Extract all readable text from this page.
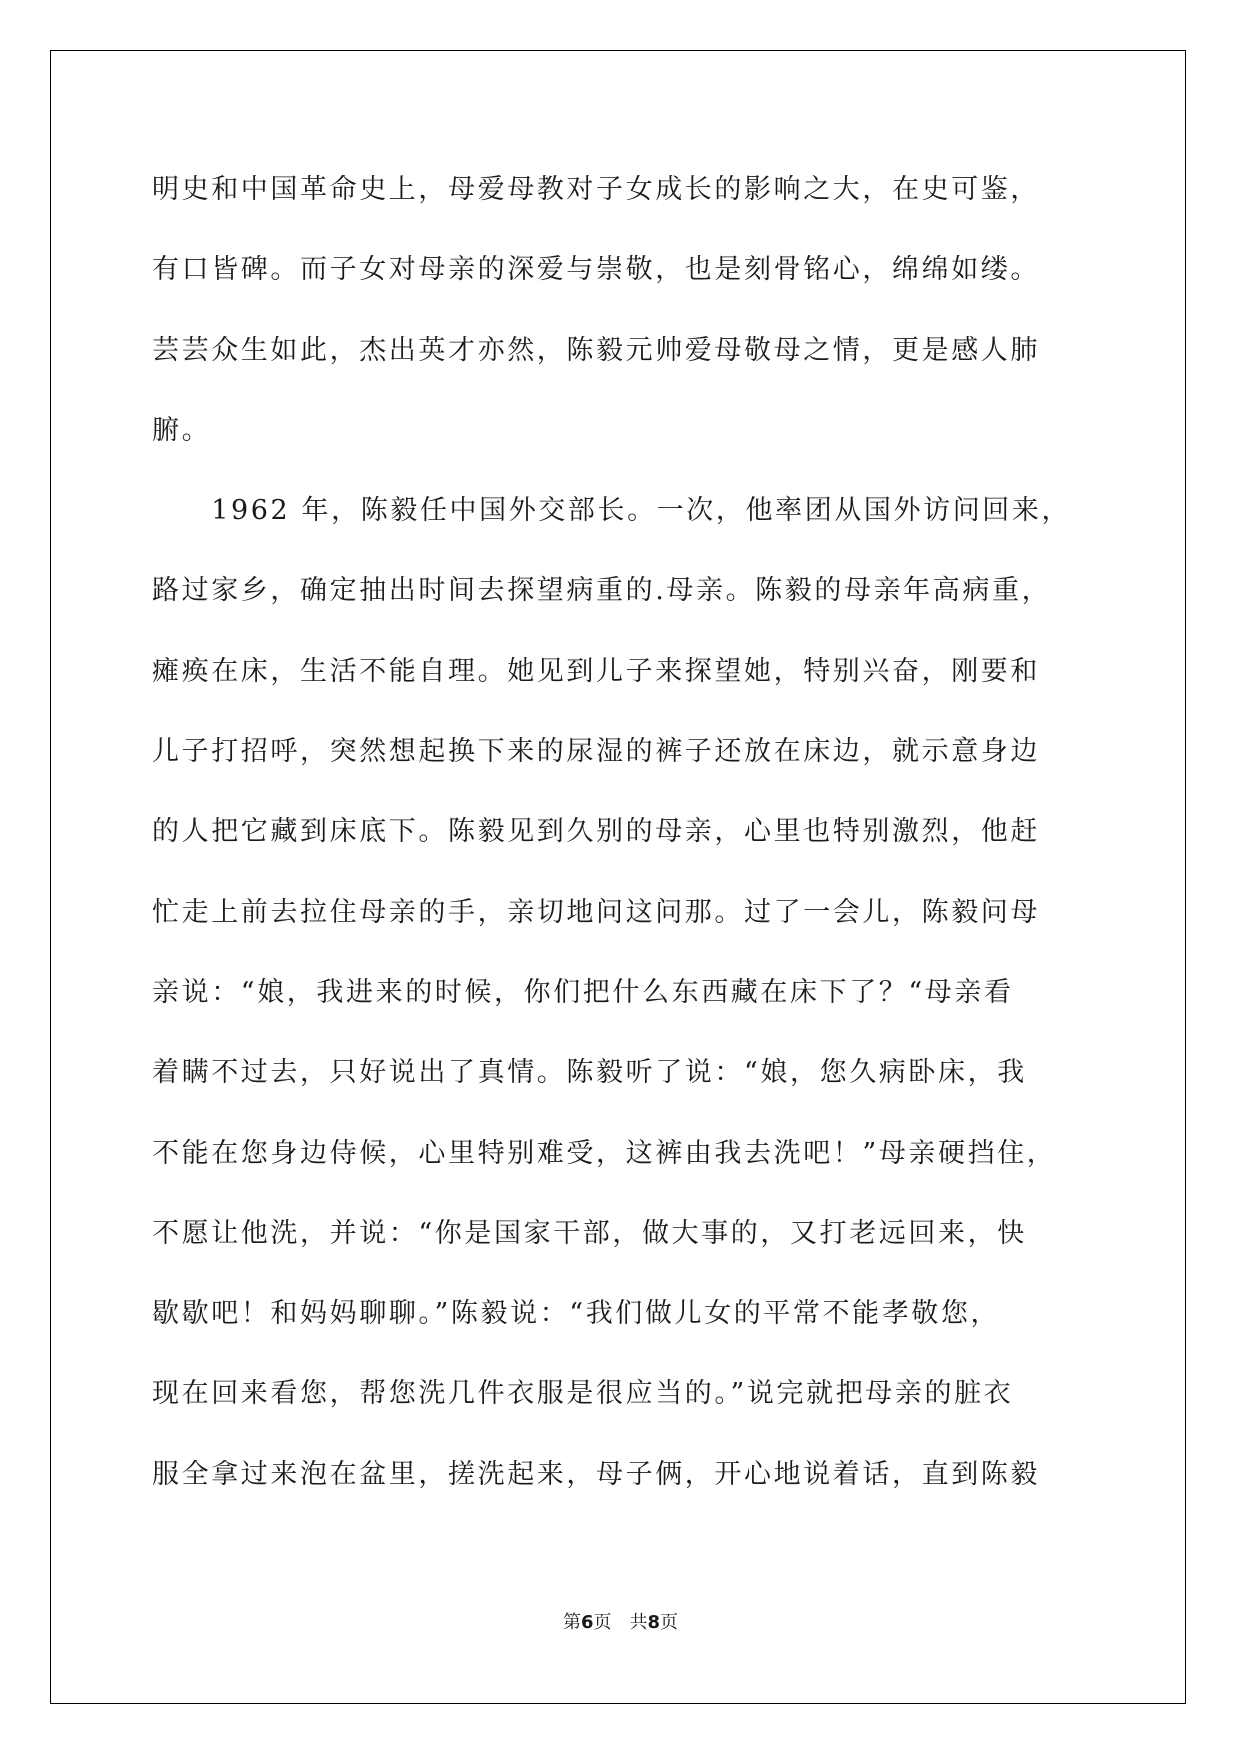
明史和中国革命史上，母爱母教对子女成长的影响之大，在史可鉴，
有口皆碑。而子女对母亲的深爱与崇敬，也是刻骨铭心，绵绵如缕。
芸芸众生如此，杰出英才亦然，陈毅元帅爱母敬母之情，更是感人肺
腑。
　　1962 年，陈毅任中国外交部长。一次，他率团从国外访问回来，
路过家乡，确定抽出时间去探望病重的.母亲。陈毅的母亲年高病重，
瘫痪在床，生活不能自理。她见到儿子来探望她，特别兴奋，刚要和
儿子打招呼，突然想起换下来的尿湿的裤子还放在床边，就示意身边
的人把它藏到床底下。陈毅见到久别的母亲，心里也特别激烈，他赶
忙走上前去拉住母亲的手，亲切地问这问那。过了一会儿，陈毅问母
亲说：“娘，我进来的时候，你们把什么东西藏在床下了？“母亲看
着瞒不过去，只好说出了真情。陈毅听了说：“娘，您久病卧床，我
不能在您身边侍候，心里特别难受，这裤由我去洗吧！”母亲硬挡住，
不愿让他洗，并说：“你是国家干部，做大事的，又打老远回来，快
歇歇吧！和妈妈聊聊。”陈毅说：“我们做儿女的平常不能孝敬您，
现在回来看您，帮您洗几件衣服是很应当的。”说完就把母亲的脏衣
服全拿过来泡在盆里，搓洗起来，母子俩，开心地说着话，直到陈毅
第6页　 共8页
